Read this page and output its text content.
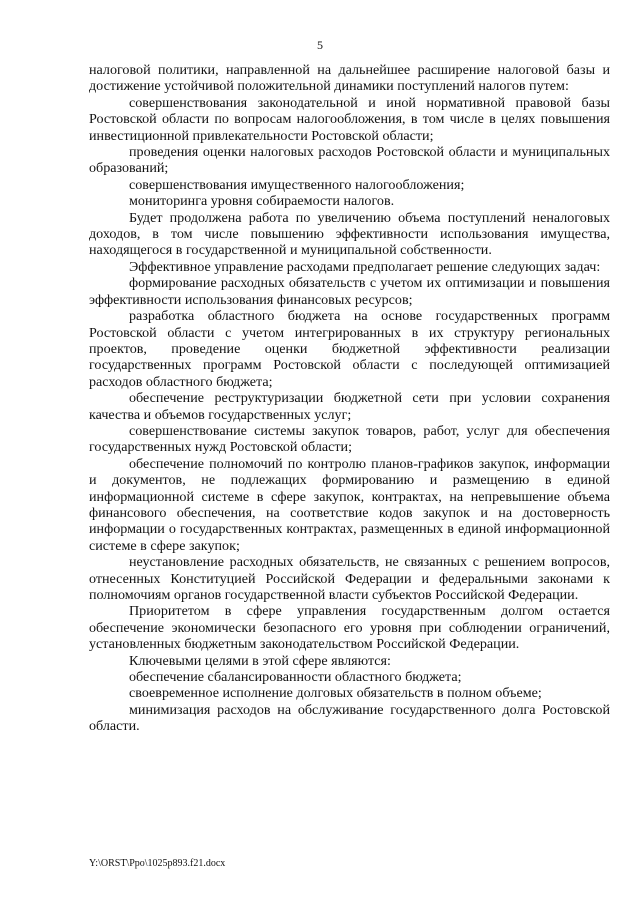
5

налоговой политики, направленной на дальнейшее расширение налоговой базы и достижение устойчивой положительной динамики поступлений налогов путем:

совершенствования законодательной и иной нормативной правовой базы Ростовской области по вопросам налогообложения, в том числе в целях повышения инвестиционной привлекательности Ростовской области;

проведения оценки налоговых расходов Ростовской области и муниципальных образований;

совершенствования имущественного налогообложения;

мониторинга уровня собираемости налогов.

Будет продолжена работа по увеличению объема поступлений неналоговых доходов, в том числе повышению эффективности использования имущества, находящегося в государственной и муниципальной собственности.

Эффективное управление расходами предполагает решение следующих задач:

формирование расходных обязательств с учетом их оптимизации и повышения эффективности использования финансовых ресурсов;

разработка областного бюджета на основе государственных программ Ростовской области с учетом интегрированных в их структуру региональных проектов, проведение оценки бюджетной эффективности реализации государственных программ Ростовской области с последующей оптимизацией расходов областного бюджета;

обеспечение реструктуризации бюджетной сети при условии сохранения качества и объемов государственных услуг;

совершенствование системы закупок товаров, работ, услуг для обеспечения государственных нужд Ростовской области;

обеспечение полномочий по контролю планов-графиков закупок, информации и документов, не подлежащих формированию и размещению в единой информационной системе в сфере закупок, контрактах, на непревышение объема финансового обеспечения, на соответствие кодов закупок и на достоверность информации о государственных контрактах, размещенных в единой информационной системе в сфере закупок;

неустановление расходных обязательств, не связанных с решением вопросов, отнесенных Конституцией Российской Федерации и федеральными законами к полномочиям органов государственной власти субъектов Российской Федерации.

Приоритетом в сфере управления государственным долгом остается обеспечение экономически безопасного его уровня при соблюдении ограничений, установленных бюджетным законодательством Российской Федерации.

Ключевыми целями в этой сфере являются:

обеспечение сбалансированности областного бюджета;

своевременное исполнение долговых обязательств в полном объеме;

минимизация расходов на обслуживание государственного долга Ростовской области.

Y:\ORST\Ppo\1025p893.f21.docx
